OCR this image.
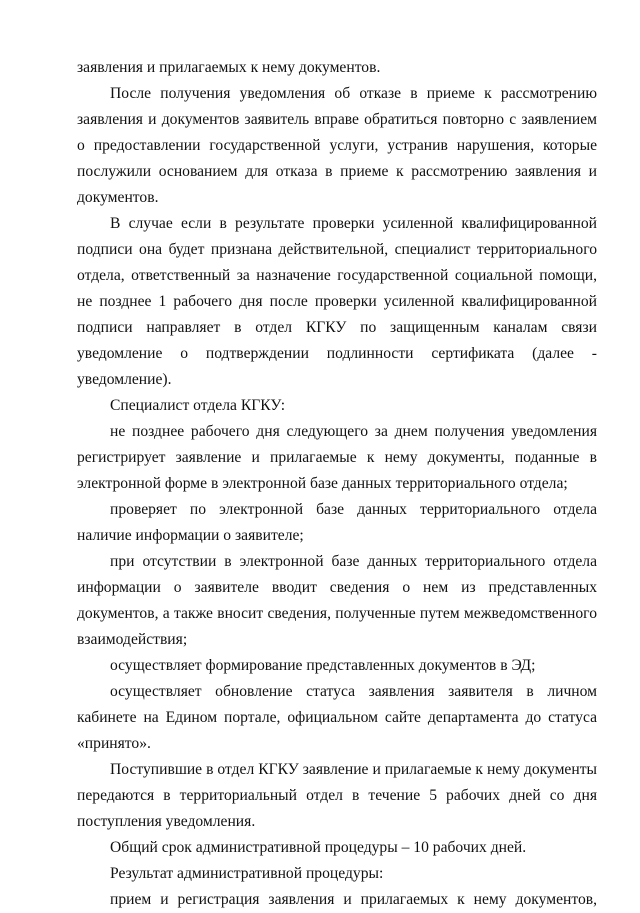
заявления и прилагаемых к нему документов.

После получения уведомления об отказе в приеме к рассмотрению заявления и документов заявитель вправе обратиться повторно с заявлением о предоставлении государственной услуги, устранив нарушения, которые послужили основанием для отказа в приеме к рассмотрению заявления и документов.

В случае если в результате проверки усиленной квалифицированной подписи она будет признана действительной, специалист территориального отдела, ответственный за назначение государственной социальной помощи, не позднее 1 рабочего дня после проверки усиленной квалифицированной подписи направляет в отдел КГКУ по защищенным каналам связи уведомление о подтверждении подлинности сертификата (далее - уведомление).

Специалист отдела КГКУ:

не позднее рабочего дня следующего за днем получения уведомления регистрирует заявление и прилагаемые к нему документы, поданные в электронной форме в электронной базе данных территориального отдела;

проверяет по электронной базе данных территориального отдела наличие информации о заявителе;

при отсутствии в электронной базе данных территориального отдела информации о заявителе вводит сведения о нем из представленных документов, а также вносит сведения, полученные путем межведомственного взаимодействия;

осуществляет формирование представленных документов в ЭД;

осуществляет обновление статуса заявления заявителя в личном кабинете на Едином портале, официальном сайте департамента до статуса «принято».

Поступившие в отдел КГКУ заявление и прилагаемые к нему документы передаются в территориальный отдел в течение 5 рабочих дней со дня поступления уведомления.

Общий срок административной процедуры – 10 рабочих дней.

Результат административной процедуры:

прием и регистрация заявления и прилагаемых к нему документов,
